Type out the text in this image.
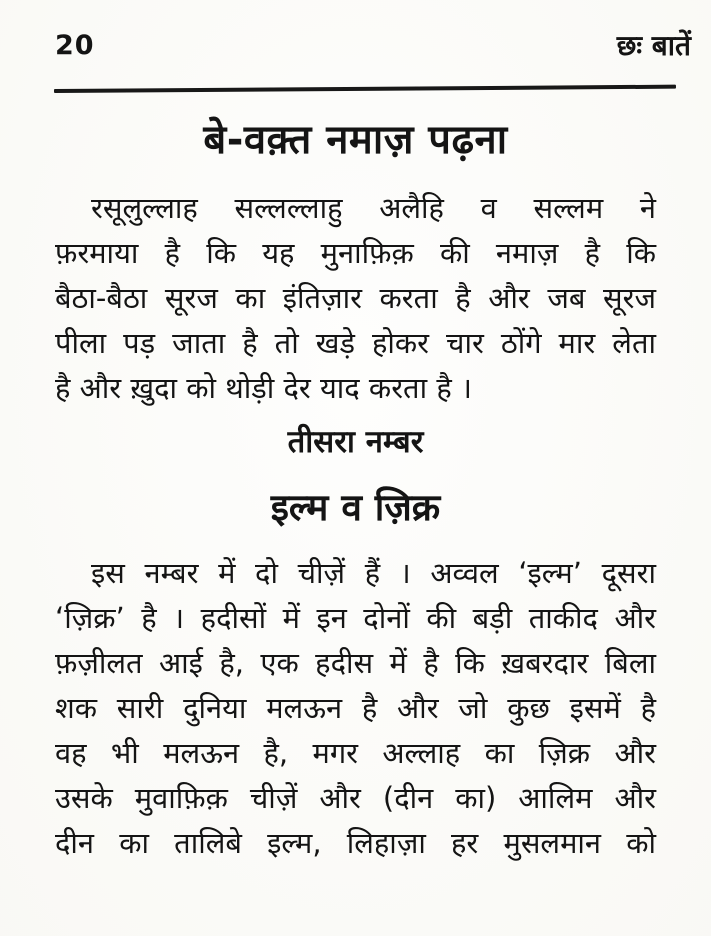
20	छः बातें
बे-वक़्त नमाज़ पढ़ना
रसूलुल्लाह सल्लल्लाहु अलैहि व सल्लम ने
फ़रमाया है कि यह मुनाफ़िक़ की नमाज़ है कि
बैठा-बैठा सूरज का इंतिज़ार करता है और जब सूरज
पीला पड़ जाता है तो खड़े होकर चार ठोंगे मार लेता
है और ख़ुदा को थोड़ी देर याद करता है ।
तीसरा नम्बर
इल्म व ज़िक्र
इस नम्बर में दो चीज़ें हैं । अव्वल ‘इल्म’ दूसरा
‘ज़िक्र’ है । हदीसों में इन दोनों की बड़ी ताकीद और
फ़ज़ीलत आई है, एक हदीस में है कि ख़बरदार बिला
शक सारी दुनिया मलऊन है और जो कुछ इसमें है
वह भी मलऊन है, मगर अल्लाह का ज़िक्र और
उसके मुवाफ़िक़ चीज़ें और (दीन का) आलिम और
दीन का तालिबे इल्म, लिहाज़ा हर मुसलमान को
